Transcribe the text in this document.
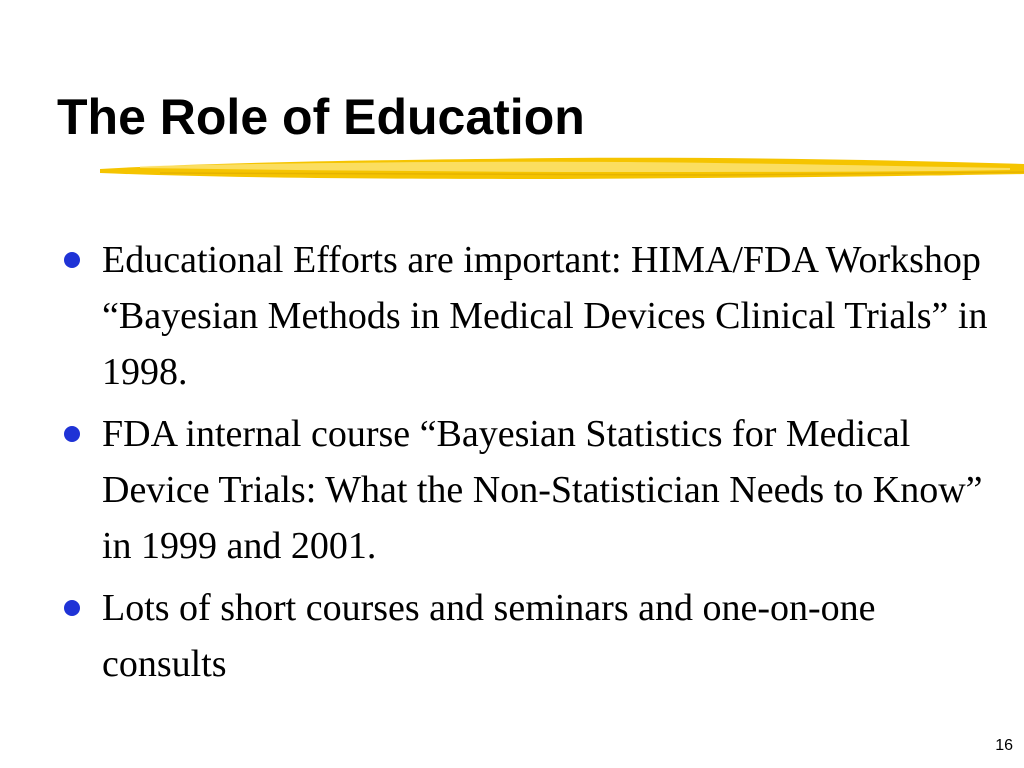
The Role of Education
Educational Efforts are important: HIMA/FDA Workshop “Bayesian Methods in Medical Devices Clinical Trials” in 1998.
FDA internal course “Bayesian Statistics for Medical Device Trials: What the Non-Statistician Needs to Know” in 1999 and 2001.
Lots of short courses and seminars and one-on-one consults

16
